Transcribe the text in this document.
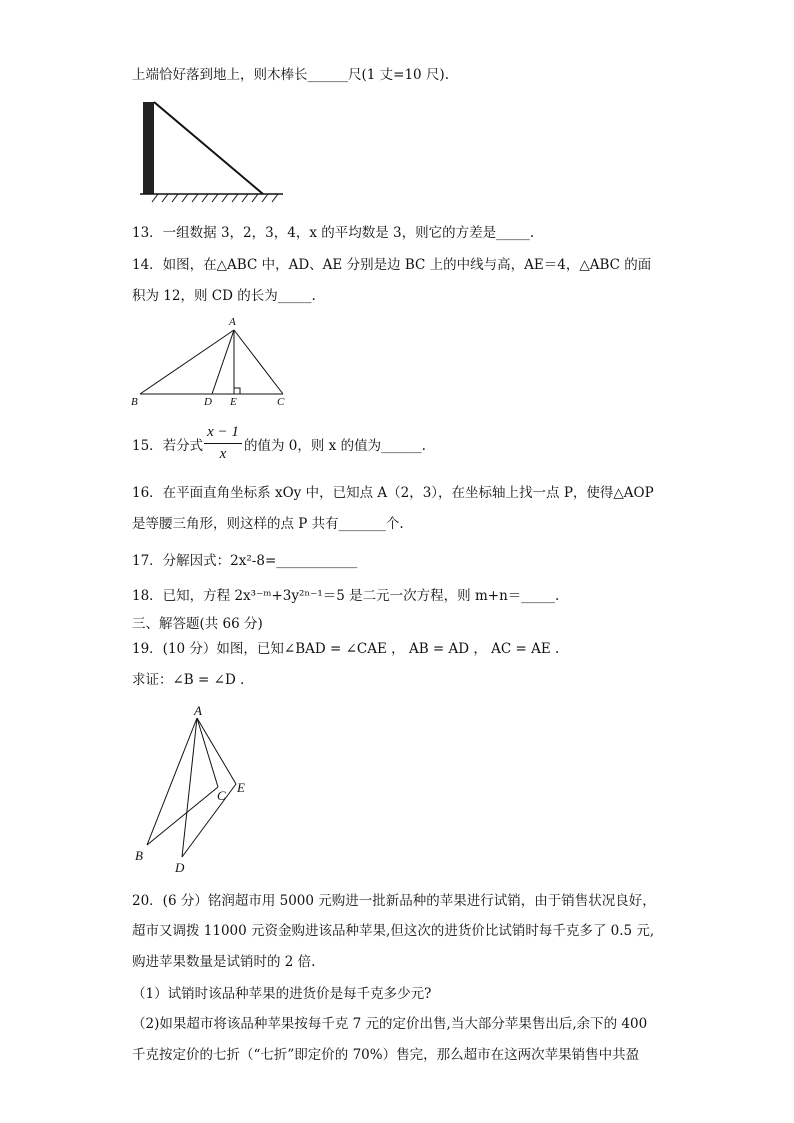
上端恰好落到地上，则木棒长______尺(1 丈=10 尺).
13．一组数据 3，2，3，4，x 的平均数是 3，则它的方差是_____.
14．如图，在△ABC 中，AD、AE 分别是边 BC 上的中线与高，AE＝4，△ABC 的面
积为 12，则 CD 的长为_____.
A
B	D E	C
15．若分式 $\frac{x - 1}{x}$ 的值为 0，则 x 的值为______.
16．在平面直角坐标系 xOy 中，已知点 A（2，3），在坐标轴上找一点 P，使得△AOP
是等腰三角形，则这样的点 P 共有_______个.
17．分解因式：2x²-8=____________
18．已知，方程 2x³⁻ᵐ+3y²ⁿ⁻¹＝5 是二元一次方程，则 m+n＝_____.
三、解答题(共 66 分)
19．(10 分）如图，已知∠BAD = ∠CAE ， AB = AD ， AC = AE .
求证：∠B = ∠D .
A
B
C
D
E
20．(6 分）铭润超市用 5000 元购进一批新品种的苹果进行试销，由于销售状况良好，
超市又调拨 11000 元资金购进该品种苹果,但这次的进货价比试销时每千克多了 0.5 元,
购进苹果数量是试销时的 2 倍.
（1）试销时该品种苹果的进货价是每千克多少元?
（2)如果超市将该品种苹果按每千克 7 元的定价出售,当大部分苹果售出后,余下的 400
千克按定价的七折（“七折”即定价的 70%）售完，那么超市在这两次苹果销售中共盈
